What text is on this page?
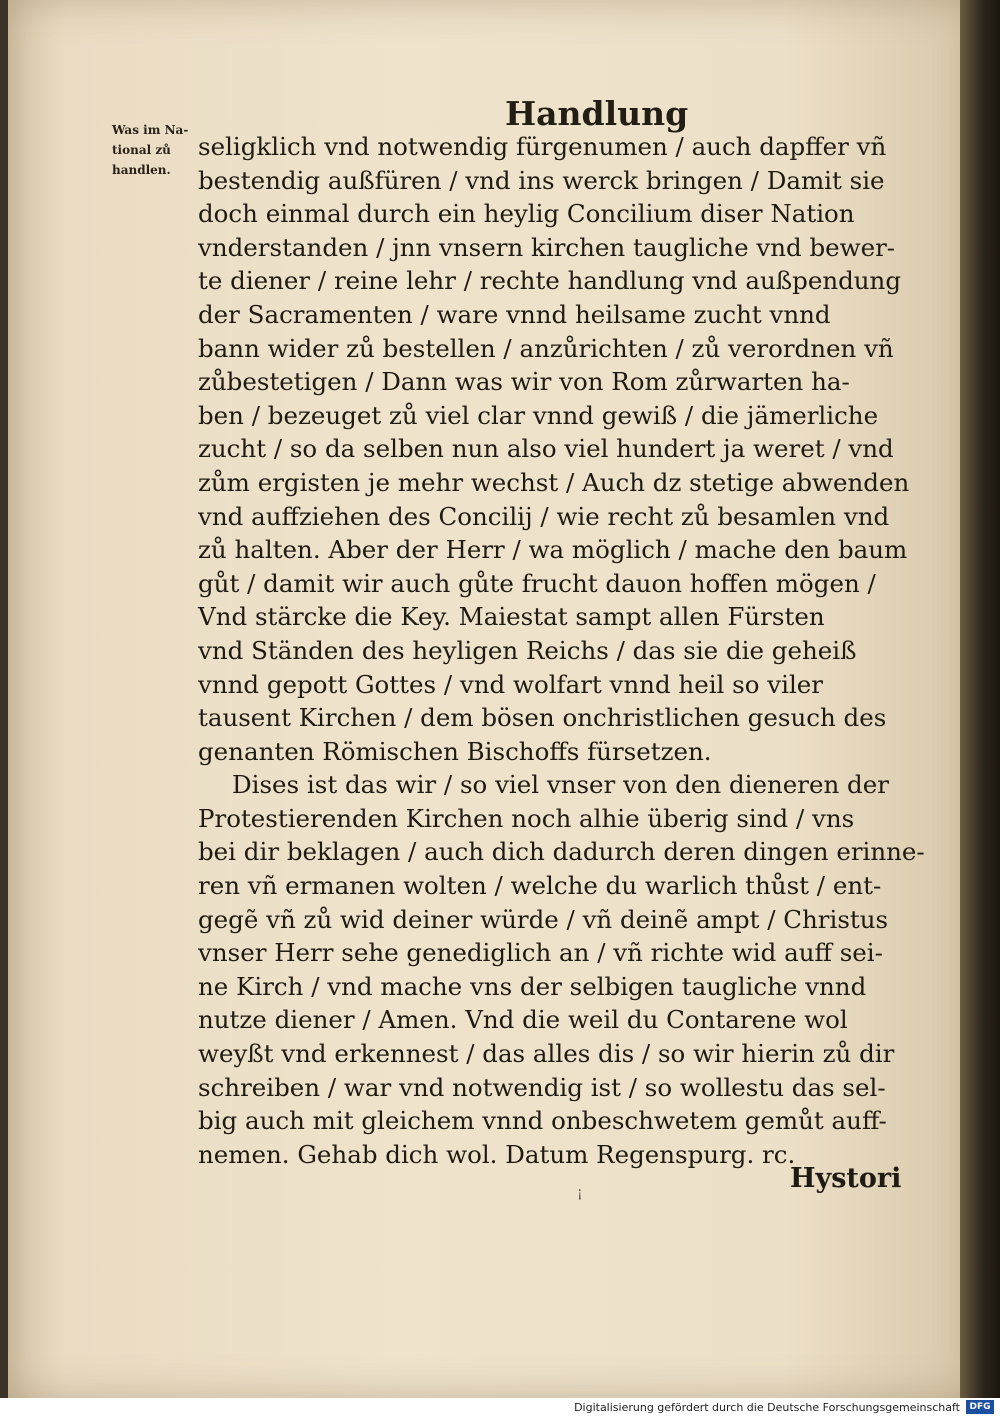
Handlung
Was im Na-
tional zů
handlen.
seligklich vnd notwendig fürgenumen / auch dapffer vñ
bestendig außfüren / vnd ins werck bringen / Damit sie
doch einmal durch ein heylig Concilium diser Nation
vnderstanden / jnn vnsern kirchen taugliche vnd bewer-
te diener / reine lehr / rechte handlung vnd außpendung
der Sacramenten / ware vnnd heilsame zucht vnnd
bann wider zů bestellen / anzůrichten / zů verordnen vñ
zůbestetigen / Dann was wir von Rom zůrwarten ha-
ben / bezeuget zů viel clar vnnd gewiß / die jämerliche
zucht / so da selben nun also viel hundert ja weret / vnd
zům ergisten je mehr wechst / Auch dz stetige abwenden
vnd auffziehen des Concilij / wie recht zů besamlen vnd
zů halten. Aber der Herr / wa möglich / mache den baum
gůt / damit wir auch gůte frucht dauon hoffen mögen /
Vnd stärcke die Key. Maiestat sampt allen Fürsten
vnd Ständen des heyligen Reichs / das sie die geheiß
vnnd gepott Gottes / vnd wolfart vnnd heil so viler
tausent Kirchen / dem bösen onchristlichen gesuch des
genanten Römischen Bischoffs fürsetzen.
Dises ist das wir / so viel vnser von den dieneren der
Protestierenden Kirchen noch alhie überig sind / vns
bei dir beklagen / auch dich dadurch deren dingen erinne-
ren vñ ermanen wolten / welche du warlich thůst / ent-
gegẽ vñ zů wid deiner würde / vñ deinẽ ampt / Christus
vnser Herr sehe genediglich an / vñ richte wid auff sei-
ne Kirch / vnd mache vns der selbigen taugliche vnnd
nutze diener / Amen. Vnd die weil du Contarene wol
weyßt vnd erkennest / das alles dis / so wir hierin zů dir
schreiben / war vnd notwendig ist / so wollestu das sel-
big auch mit gleichem vnnd onbeschwetem gemůt auff-
nemen. Gehab dich wol. Datum Regenspurg. rc.
¡	Hystori
Digitalisierung gefördert durch die Deutsche Forschungsgemeinschaft	DFG
